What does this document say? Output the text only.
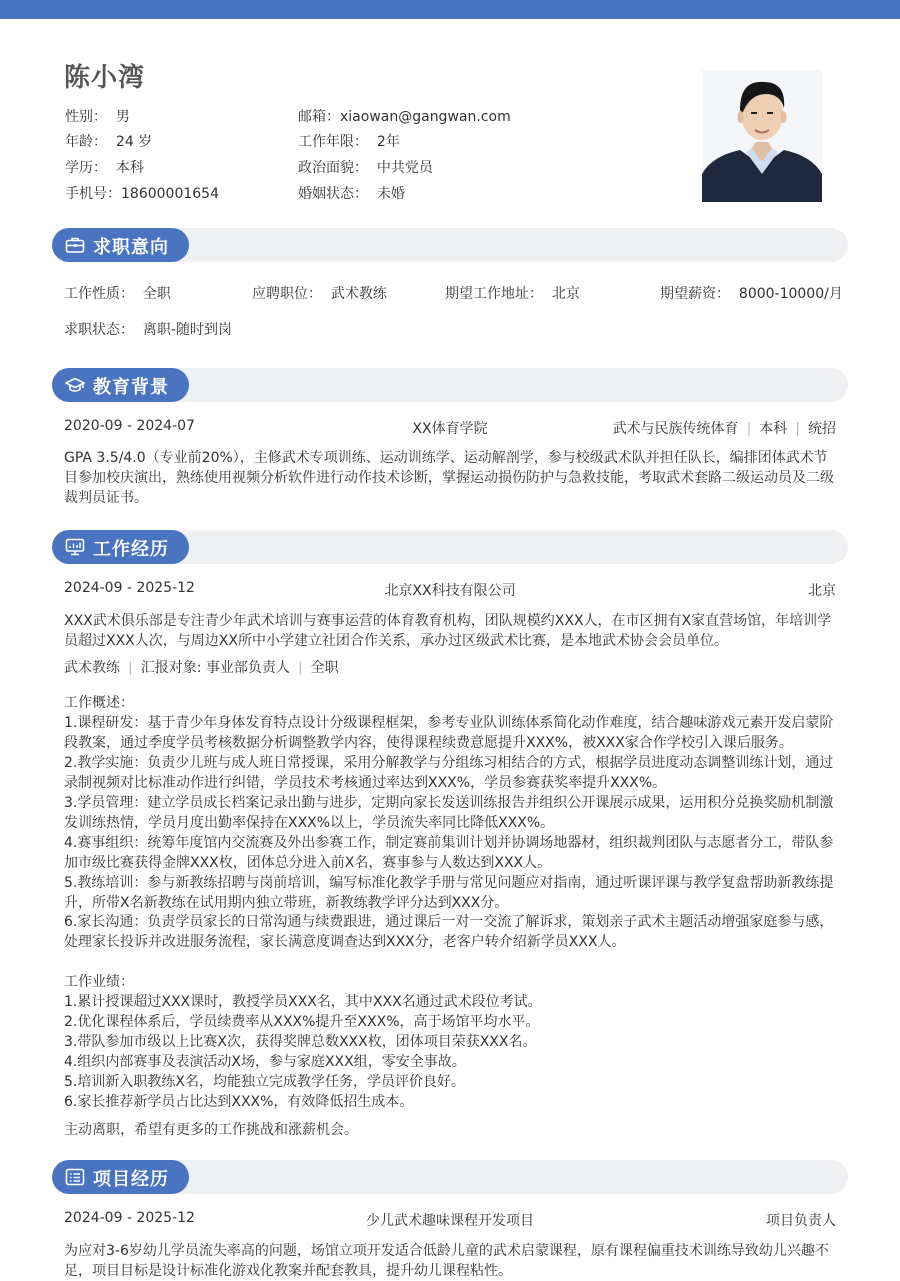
陈小湾
性别： 男
年龄： 24 岁
学历： 本科
手机号：18600001654
邮箱：xiaowan@gangwan.com
工作年限： 2年
政治面貌： 中共党员
婚姻状态： 未婚
求职意向
工作性质： 全职	应聘职位： 武术教练	期望工作地址： 北京	期望薪资： 8000-10000/月
求职状态： 离职-随时到岗
教育背景
2020-09 - 2024-07	XX体育学院	武术与民族传统体育 | 本科 | 统招
GPA 3.5/4.0（专业前20%），主修武术专项训练、运动训练学、运动解剖学，参与校级武术队并担任队长，编排团体武术节目参加校庆演出，熟练使用视频分析软件进行动作技术诊断，掌握运动损伤防护与急救技能，考取武术套路二级运动员及二级裁判员证书。
工作经历
2024-09 - 2025-12	北京XX科技有限公司	北京
XXX武术俱乐部是专注青少年武术培训与赛事运营的体育教育机构，团队规模约XXX人，在市区拥有X家直营场馆，年培训学员超过XXX人次，与周边XX所中小学建立社团合作关系，承办过区级武术比赛，是本地武术协会会员单位。
武术教练 | 汇报对象: 事业部负责人 | 全职
工作概述：
1.课程研发：基于青少年身体发育特点设计分级课程框架，参考专业队训练体系简化动作难度，结合趣味游戏元素开发启蒙阶段教案，通过季度学员考核数据分析调整教学内容，使得课程续费意愿提升XXX%，被XXX家合作学校引入课后服务。
2.教学实施：负责少儿班与成人班日常授课，采用分解教学与分组练习相结合的方式，根据学员进度动态调整训练计划，通过录制视频对比标准动作进行纠错，学员技术考核通过率达到XXX%，学员参赛获奖率提升XXX%。
3.学员管理：建立学员成长档案记录出勤与进步，定期向家长发送训练报告并组织公开课展示成果，运用积分兑换奖励机制激发训练热情，学员月度出勤率保持在XXX%以上，学员流失率同比降低XXX%。
4.赛事组织：统筹年度馆内交流赛及外出参赛工作，制定赛前集训计划并协调场地器材，组织裁判团队与志愿者分工，带队参加市级比赛获得金牌XXX枚，团体总分进入前X名，赛事参与人数达到XXX人。
5.教练培训：参与新教练招聘与岗前培训，编写标准化教学手册与常见问题应对指南，通过听课评课与教学复盘帮助新教练提升，所带X名新教练在试用期内独立带班，新教练教学评分达到XXX分。
6.家长沟通：负责学员家长的日常沟通与续费跟进，通过课后一对一交流了解诉求，策划亲子武术主题活动增强家庭参与感，处理家长投诉并改进服务流程，家长满意度调查达到XXX分，老客户转介绍新学员XXX人。
工作业绩：
1.累计授课超过XXX课时，教授学员XXX名，其中XXX名通过武术段位考试。
2.优化课程体系后，学员续费率从XXX%提升至XXX%，高于场馆平均水平。
3.带队参加市级以上比赛X次，获得奖牌总数XXX枚，团体项目荣获XXX名。
4.组织内部赛事及表演活动X场，参与家庭XXX组，零安全事故。
5.培训新入职教练X名，均能独立完成教学任务，学员评价良好。
6.家长推荐新学员占比达到XXX%，有效降低招生成本。
主动离职，希望有更多的工作挑战和涨薪机会。
项目经历
2024-09 - 2025-12	少儿武术趣味课程开发项目	项目负责人
为应对3-6岁幼儿学员流失率高的问题，场馆立项开发适合低龄儿童的武术启蒙课程，原有课程偏重技术训练导致幼儿兴趣不足，项目目标是设计标准化游戏化教案并配套教具，提升幼儿课程粘性。
